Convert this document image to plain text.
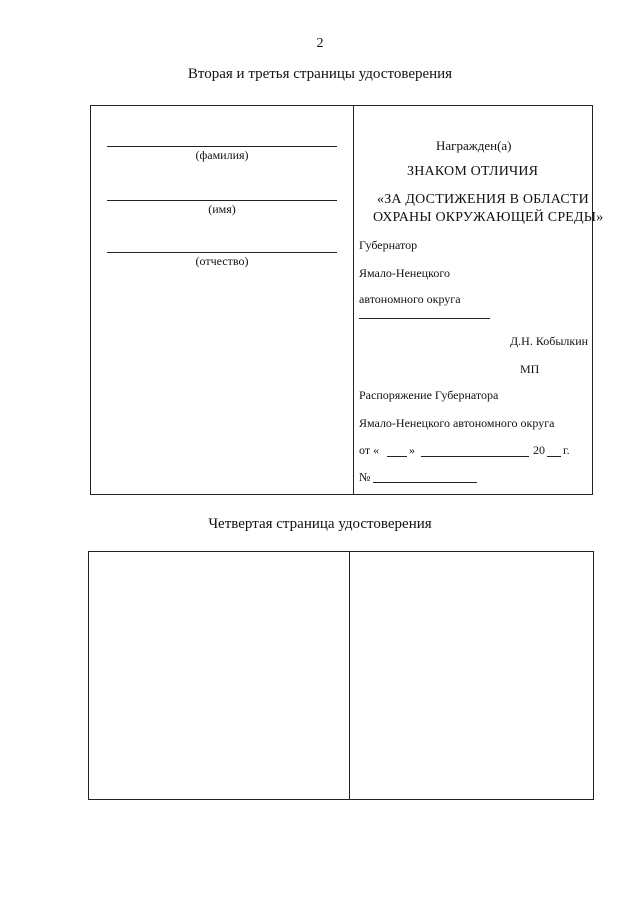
2
Вторая и третья страницы удостоверения
(фамилия)
(имя)
(отчество)
Награжден(а)
ЗНАКОМ ОТЛИЧИЯ
«ЗА ДОСТИЖЕНИЯ В ОБЛАСТИ
ОХРАНЫ ОКРУЖАЮЩЕЙ СРЕДЫ»
Губернатор
Ямало-Ненецкого
автономного округа
Д.Н. Кобылкин
МП
Распоряжение Губернатора
Ямало-Ненецкого автономного округа
от « »	20 г.
№
Четвертая страница удостоверения
